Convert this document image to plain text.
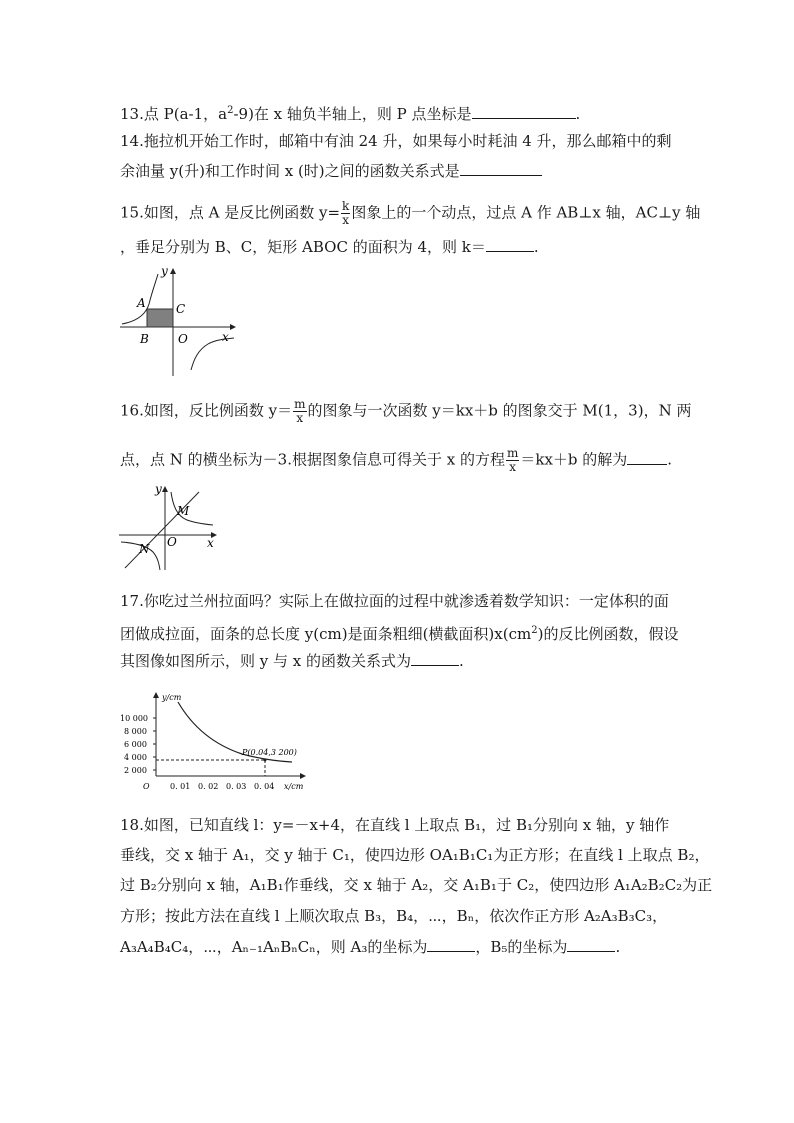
13.点 P(a-1，$a^2-9$)在 x 轴负半轴上，则 P 点坐标是	.
14.拖拉机开始工作时，邮箱中有油 24 升，如果每小时耗油 4 升，那么邮箱中的剩
余油量 y(升)和工作时间 x (时)之间的函数关系式是
15.如图，点 A 是反比例函数 $y= \frac{k}{x}$ 图象上的一个动点，过点 A 作 AB⊥x 轴，AC⊥y 轴
，垂足分别为 B、C，矩形 ABOC 的面积为 4，则 k＝	.
y
x
A
B
C
O
16.如图，反比例函数 $y= \frac{m}{x}$ 的图象与一次函数 y＝kx＋b 的图象交于 M(1，3)，N 两
点，点 N 的横坐标为－3.根据图象信息可得关于 x 的方程 $\frac{m}{x} =kx+b$ 的解为	.
y
x
M
N O
17.你吃过兰州拉面吗？实际上在做拉面的过程中就渗透着数学知识：一定体积的面
团做成拉面，面条的总长度 y(cm)是面条粗细(横截面积)$x(cm^2)$的反比例函数，假设
其图像如图所示，则 y 与 x 的函数关系式为	.
y/cm
x/cm
10 000
8 000
6 000
4 000
2 000
O	0. 01 0. 02 0. 03 0. 04
P(0.04,3 200)
18.如图，已知直线 l：y=－x+4，在直线 l 上取点 B₁，过 B₁分别向 x 轴，y 轴作
垂线，交 x 轴于 A₁，交 y 轴于 C₁，使四边形 OA₁B₁C₁为正方形；在直线 l 上取点 B₂，
过 B₂分别向 x 轴，A₁B₁作垂线，交 x 轴于 A₂，交 A₁B₁于 C₂，使四边形 A₁A₂B₂C₂为正
方形；按此方法在直线 l 上顺次取点 B₃，B₄，⋯，Bₙ，依次作正方形 A₂A₃B₃C₃，
A₃A₄B₄C₄，⋯，Aₙ₋₁AₙBₙCₙ，则 A₃的坐标为	，B₅的坐标为	.
